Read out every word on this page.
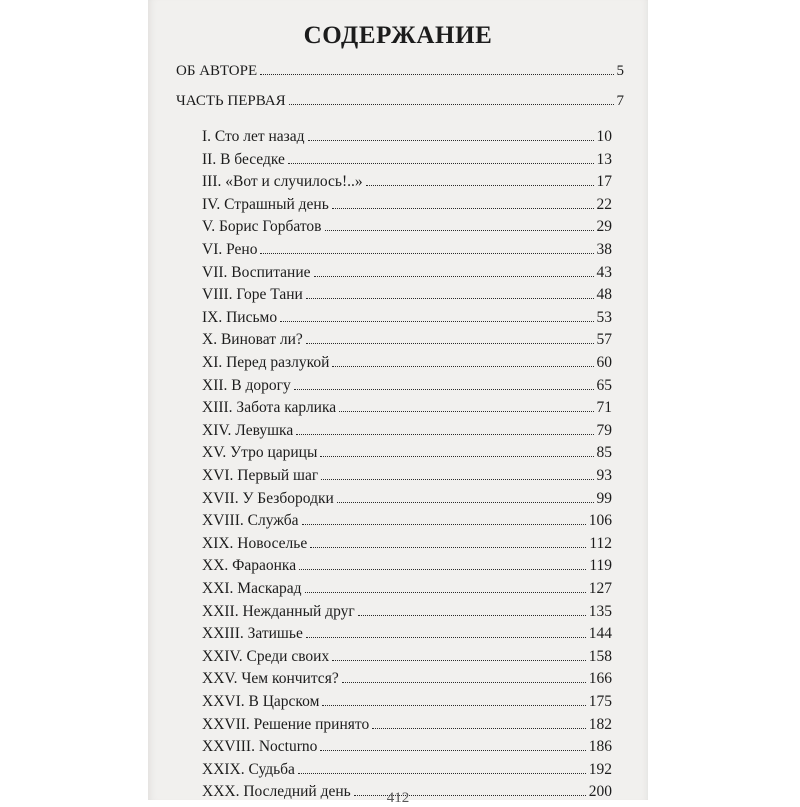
СОДЕРЖАНИЕ
ОБ АВТОРЕ	5
ЧАСТЬ ПЕРВАЯ	7
I. Сто лет назад	10
II. В беседке	13
III. «Вот и случилось!..»	17
IV. Страшный день	22
V. Борис Горбатов	29
VI. Рено	38
VII. Воспитание	43
VIII. Горе Тани	48
IX. Письмо	53
X. Виноват ли?	57
XI. Перед разлукой	60
XII. В дорогу	65
XIII. Забота карлика	71
XIV. Левушка	79
XV. Утро царицы	85
XVI. Первый шаг	93
XVII. У Безбородки	99
XVIII. Служба	106
XIX. Новоселье	112
XX. Фараонка	119
XXI. Маскарад	127
XXII. Нежданный друг	135
XXIII. Затишье	144
XXIV. Среди своих	158
XXV. Чем кончится?	166
XXVI. В Царском	175
XXVII. Решение принято	182
XXVIII. Nocturno	186
XXIX. Судьба	192
XXX. Последний день	200
412
